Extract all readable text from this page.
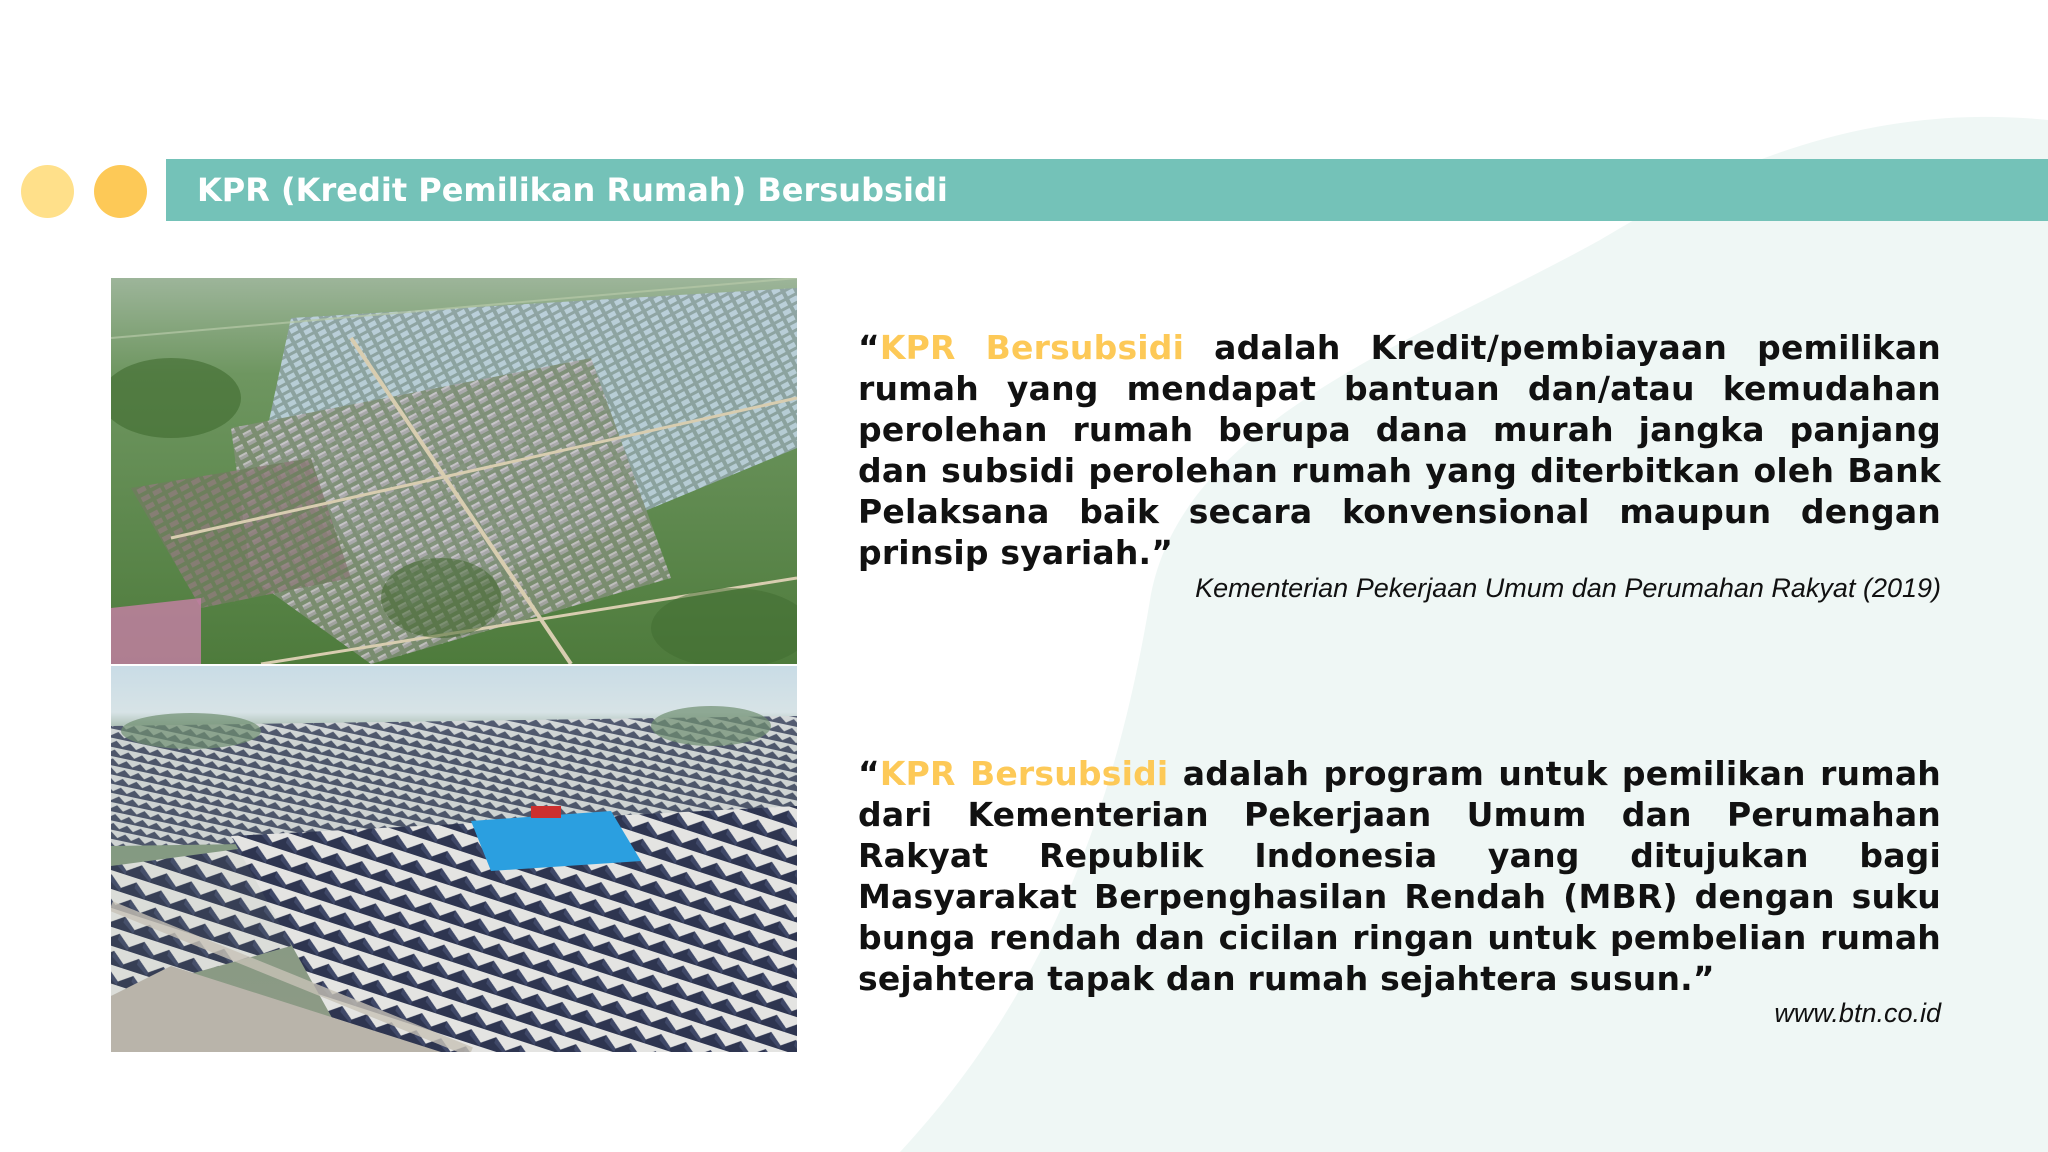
KPR (Kredit Pemilikan Rumah) Bersubsidi
“KPR Bersubsidi adalah Kredit/pembiayaan pemilikan rumah yang mendapat bantuan dan/atau kemudahan perolehan rumah berupa dana murah jangka panjang dan subsidi perolehan rumah yang diterbitkan oleh Bank Pelaksana baik secara konvensional maupun dengan prinsip syariah.”
Kementerian Pekerjaan Umum dan Perumahan Rakyat (2019)
“KPR Bersubsidi adalah program untuk pemilikan rumah dari Kementerian Pekerjaan Umum dan Perumahan Rakyat Republik Indonesia yang ditujukan bagi Masyarakat Berpenghasilan Rendah (MBR) dengan suku bunga rendah dan cicilan ringan untuk pembelian rumah sejahtera tapak dan rumah sejahtera susun.”
www.btn.co.id
